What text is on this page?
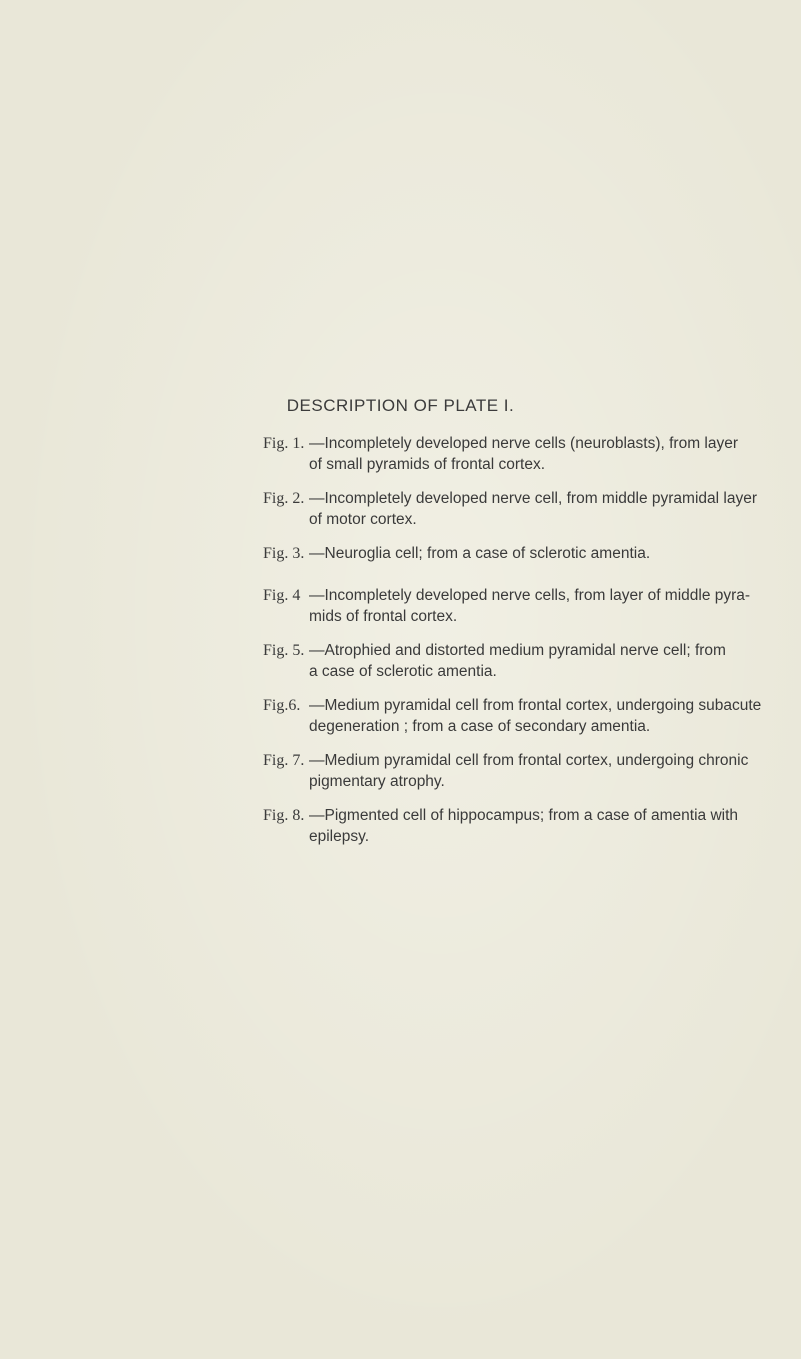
DESCRIPTION OF PLATE I.
Fig. 1. —Incompletely developed nerve cells (neuroblasts), from layer
of small pyramids of frontal cortex.
Fig. 2. —Incompletely developed nerve cell, from middle pyramidal layer
of motor cortex.
Fig. 3. —Neuroglia cell; from a case of sclerotic amentia.
Fig. 4 —Incompletely developed nerve cells, from layer of middle pyra-
mids of frontal cortex.
Fig. 5. —Atrophied and distorted medium pyramidal nerve cell; from
a case of sclerotic amentia.
Fig.6. —Medium pyramidal cell from frontal cortex, undergoing subacute
degeneration ; from a case of secondary amentia.
Fig. 7. —Medium pyramidal cell from frontal cortex, undergoing chronic
pigmentary atrophy.
Fig. 8. —Pigmented cell of hippocampus; from a case of amentia with
epilepsy.
